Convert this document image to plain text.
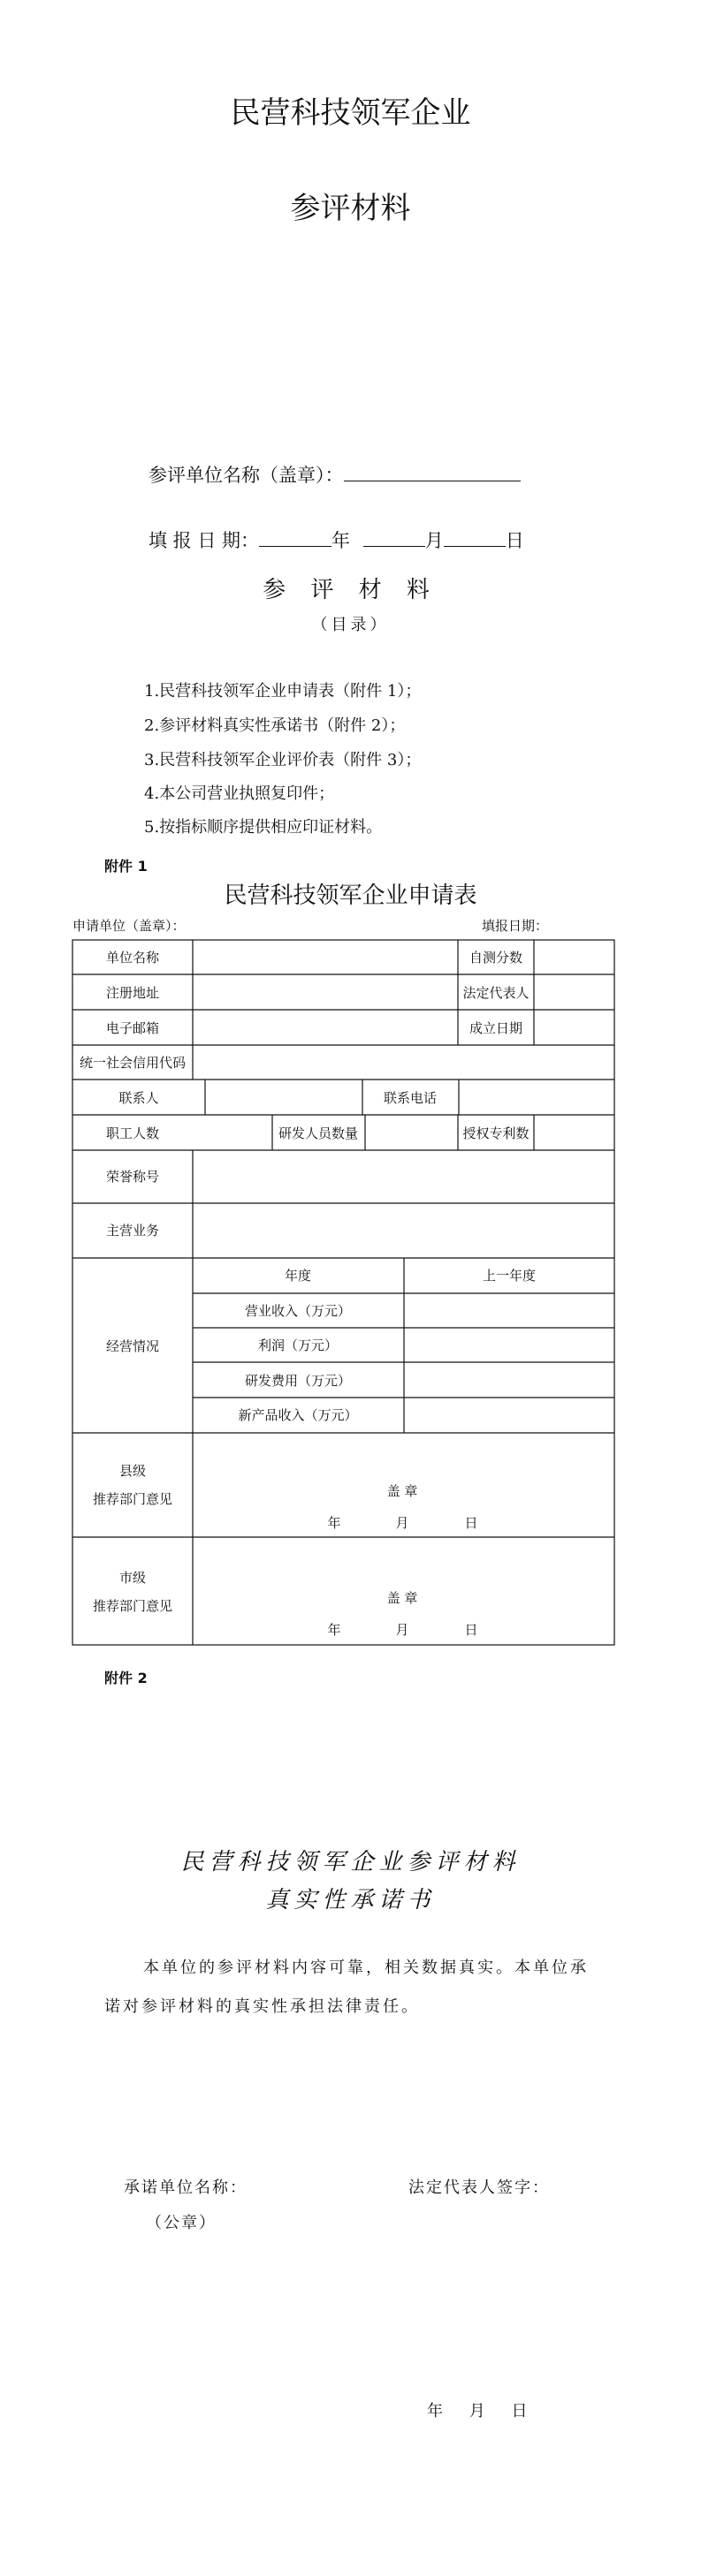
民营科技领军企业
参评材料
参评单位名称（盖章）：
填 报 日 期：	年	月	日
参 评 材 料
（目录）
1.民营科技领军企业申请表（附件 1）；
2.参评材料真实性承诺书（附件 2）；
3.民营科技领军企业评价表（附件 3）；
4.本公司营业执照复印件；
5.按指标顺序提供相应印证材料。
附件 1
民营科技领军企业申请表
申请单位（盖章）：	填报日期：
单位名称	自测分数
注册地址	法定代表人
电子邮箱	成立日期
统一社会信用代码
联系人	联系电话
职工人数	研发人员数量	授权专利数
荣誉称号
主营业务
经营情况
年度	上一年度
营业收入（万元）
利润（万元）
研发费用（万元）
新产品收入（万元）
县级
推荐部门意见	盖 章
年	月	日
市级
推荐部门意见	盖 章
年	月	日
附件 2
民营科技领军企业参评材料
真实性承诺书
本单位的参评材料内容可靠，相关数据真实。本单位承诺对参评材料的真实性承担法律责任。
承诺单位名称：	法定代表人签字：
（公章）
年 月 日
